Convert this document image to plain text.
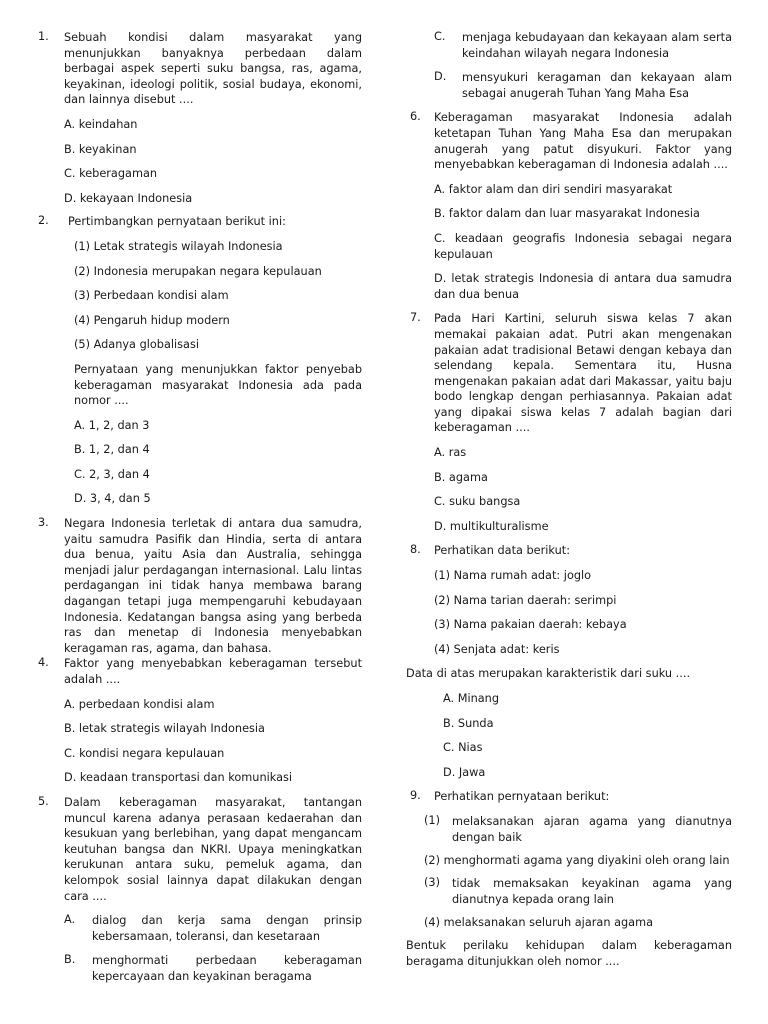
1. Sebuah kondisi dalam masyarakat yang menunjukkan banyaknya perbedaan dalam berbagai aspek seperti suku bangsa, ras, agama, keyakinan, ideologi politik, sosial budaya, ekonomi, dan lainnya disebut ....

A. keindahan

B. keyakinan

C. keberagaman

D. kekayaan Indonesia

2.	Pertimbangkan pernyataan berikut ini:

(1) Letak strategis wilayah Indonesia

(2) Indonesia merupakan negara kepulauan

(3) Perbedaan kondisi alam

(4) Pengaruh hidup modern

(5) Adanya globalisasi

Pernyataan yang menunjukkan faktor penyebab keberagaman masyarakat Indonesia ada pada nomor ....

A. 1, 2, dan 3

B. 1, 2, dan 4

C. 2, 3, dan 4

D. 3, 4, dan 5

3. Negara Indonesia terletak di antara dua samudra, yaitu samudra Pasifik dan Hindia, serta di antara dua benua, yaitu Asia dan Australia, sehingga menjadi jalur perdagangan internasional. Lalu lintas perdagangan ini tidak hanya membawa barang dagangan tetapi juga mempengaruhi kebudayaan Indonesia. Kedatangan bangsa asing yang berbeda ras dan menetap di Indonesia menyebabkan keragaman ras, agama, dan bahasa.

4. Faktor yang menyebabkan keberagaman tersebut adalah ....

A. perbedaan kondisi alam

B. letak strategis wilayah Indonesia

C. kondisi negara kepulauan

D. keadaan transportasi dan komunikasi

5. Dalam keberagaman masyarakat, tantangan muncul karena adanya perasaan kedaerahan dan kesukuan yang berlebihan, yang dapat mengancam keutuhan bangsa dan NKRI. Upaya meningkatkan kerukunan antara suku, pemeluk agama, dan kelompok sosial lainnya dapat dilakukan dengan cara ....

A. dialog dan kerja sama dengan prinsip kebersamaan, toleransi, dan kesetaraan

B. menghormati perbedaan keberagaman kepercayaan dan keyakinan beragama

C. menjaga kebudayaan dan kekayaan alam serta keindahan wilayah negara Indonesia

D. mensyukuri keragaman dan kekayaan alam sebagai anugerah Tuhan Yang Maha Esa

6. Keberagaman masyarakat Indonesia adalah ketetapan Tuhan Yang Maha Esa dan merupakan anugerah yang patut disyukuri. Faktor yang menyebabkan keberagaman di Indonesia adalah ....

A. faktor alam dan diri sendiri masyarakat

B. faktor dalam dan luar masyarakat Indonesia

C. keadaan geografis Indonesia sebagai negara kepulauan

D. letak strategis Indonesia di antara dua samudra dan dua benua

7. Pada Hari Kartini, seluruh siswa kelas 7 akan memakai pakaian adat. Putri akan mengenakan pakaian adat tradisional Betawi dengan kebaya dan selendang kepala. Sementara itu, Husna mengenakan pakaian adat dari Makassar, yaitu baju bodo lengkap dengan perhiasannya. Pakaian adat yang dipakai siswa kelas 7 adalah bagian dari keberagaman ....

A. ras

B. agama

C. suku bangsa

D. multikulturalisme

8. Perhatikan data berikut:

(1) Nama rumah adat: joglo

(2) Nama tarian daerah: serimpi

(3) Nama pakaian daerah: kebaya

(4) Senjata adat: keris

Data di atas merupakan karakteristik dari suku ....

A. Minang

B. Sunda

C. Nias

D. Jawa

9. Perhatikan pernyataan berikut:

(1) melaksanakan ajaran agama yang dianutnya dengan baik

(2) menghormati agama yang diyakini oleh orang lain
(3) tidak memaksakan keyakinan agama yang dianutnya kepada orang lain

(4) melaksanakan seluruh ajaran agama

Bentuk perilaku kehidupan dalam keberagaman beragama ditunjukkan oleh nomor ....
